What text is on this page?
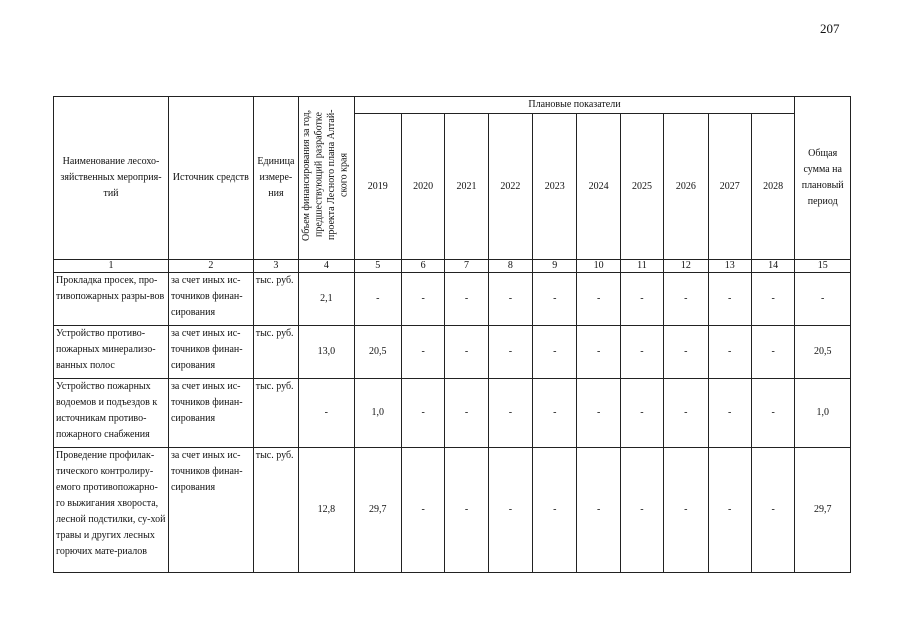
207
Наименование лесохо-зяйственных мероприя-тий	Источник средств	Единица измере-ния	Объем финансирования за год, предшествующий разработке проекта Лесного плана Алтай-ского края	Плановые показатели										Общая сумма на плановый период
				2019	2020	2021	2022	2023	2024	2025	2026	2027	2028	
1	2	3	4	5	6	7	8	9	10	11	12	13	14	15
Прокладка просек, про-тивопожарных разры-вов	за счет иных ис-точников финан-сирования	тыс. руб.	2,1	-	-	-	-	-	-	-	-	-	-	-
Устройство противо-пожарных минерализо-ванных полос	за счет иных ис-точников финан-сирования	тыс. руб.	13,0	20,5	-	-	-	-	-	-	-	-	-	20,5
Устройство пожарных водоемов и подъездов к источникам противо-пожарного снабжения	за счет иных ис-точников финан-сирования	тыс. руб.	-	1,0	-	-	-	-	-	-	-	-	-	1,0
Проведение профилак-тического контролиру-емого противопожарно-го выжигания хвороста, лесной подстилки, су-хой травы и других лесных горючих мате-риалов	за счет иных ис-точников финан-сирования	тыс. руб.	12,8	29,7	-	-	-	-	-	-	-	-	-	29,7
